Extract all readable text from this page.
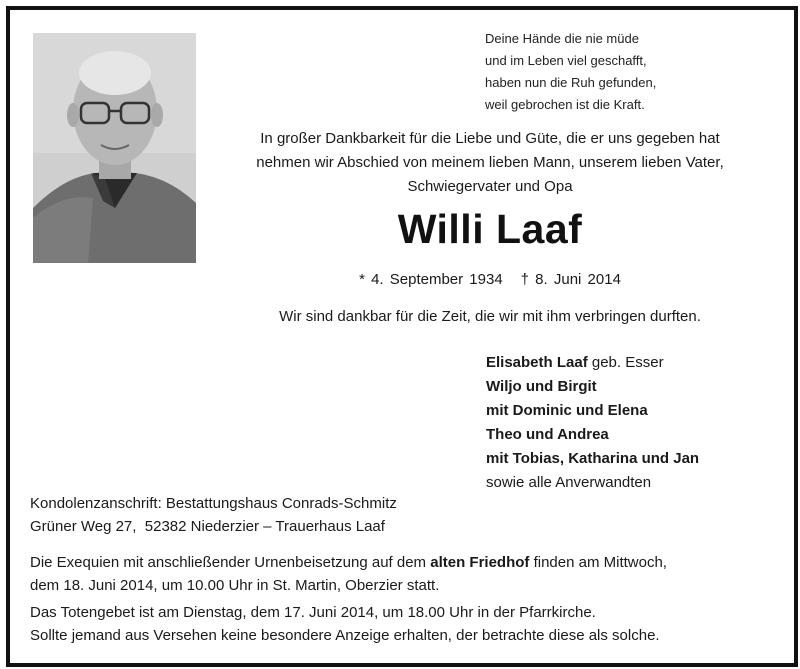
Deine Hände die nie müde
und im Leben viel geschafft,
haben nun die Ruh gefunden,
weil gebrochen ist die Kraft.
In großer Dankbarkeit für die Liebe und Güte, die er uns gegeben hat
nehmen wir Abschied von meinem lieben Mann, unserem lieben Vater,
Schwiegervater und Opa
Willi Laaf
* 4. September 1934 † 8. Juni 2014
Wir sind dankbar für die Zeit, die wir mit ihm verbringen durften.
Elisabeth Laaf geb. Esser
Wiljo und Birgit
mit Dominic und Elena
Theo und Andrea
mit Tobias, Katharina und Jan
sowie alle Anverwandten
Kondolenzanschrift: Bestattungshaus Conrads-Schmitz
Grüner Weg 27,  52382 Niederzier – Trauerhaus Laaf
Die Exequien mit anschließender Urnenbeisetzung auf dem alten Friedhof finden am Mittwoch,
dem 18. Juni 2014, um 10.00 Uhr in St. Martin, Oberzier statt.
Das Totengebet ist am Dienstag, dem 17. Juni 2014, um 18.00 Uhr in der Pfarrkirche.
Sollte jemand aus Versehen keine besondere Anzeige erhalten, der betrachte diese als solche.
